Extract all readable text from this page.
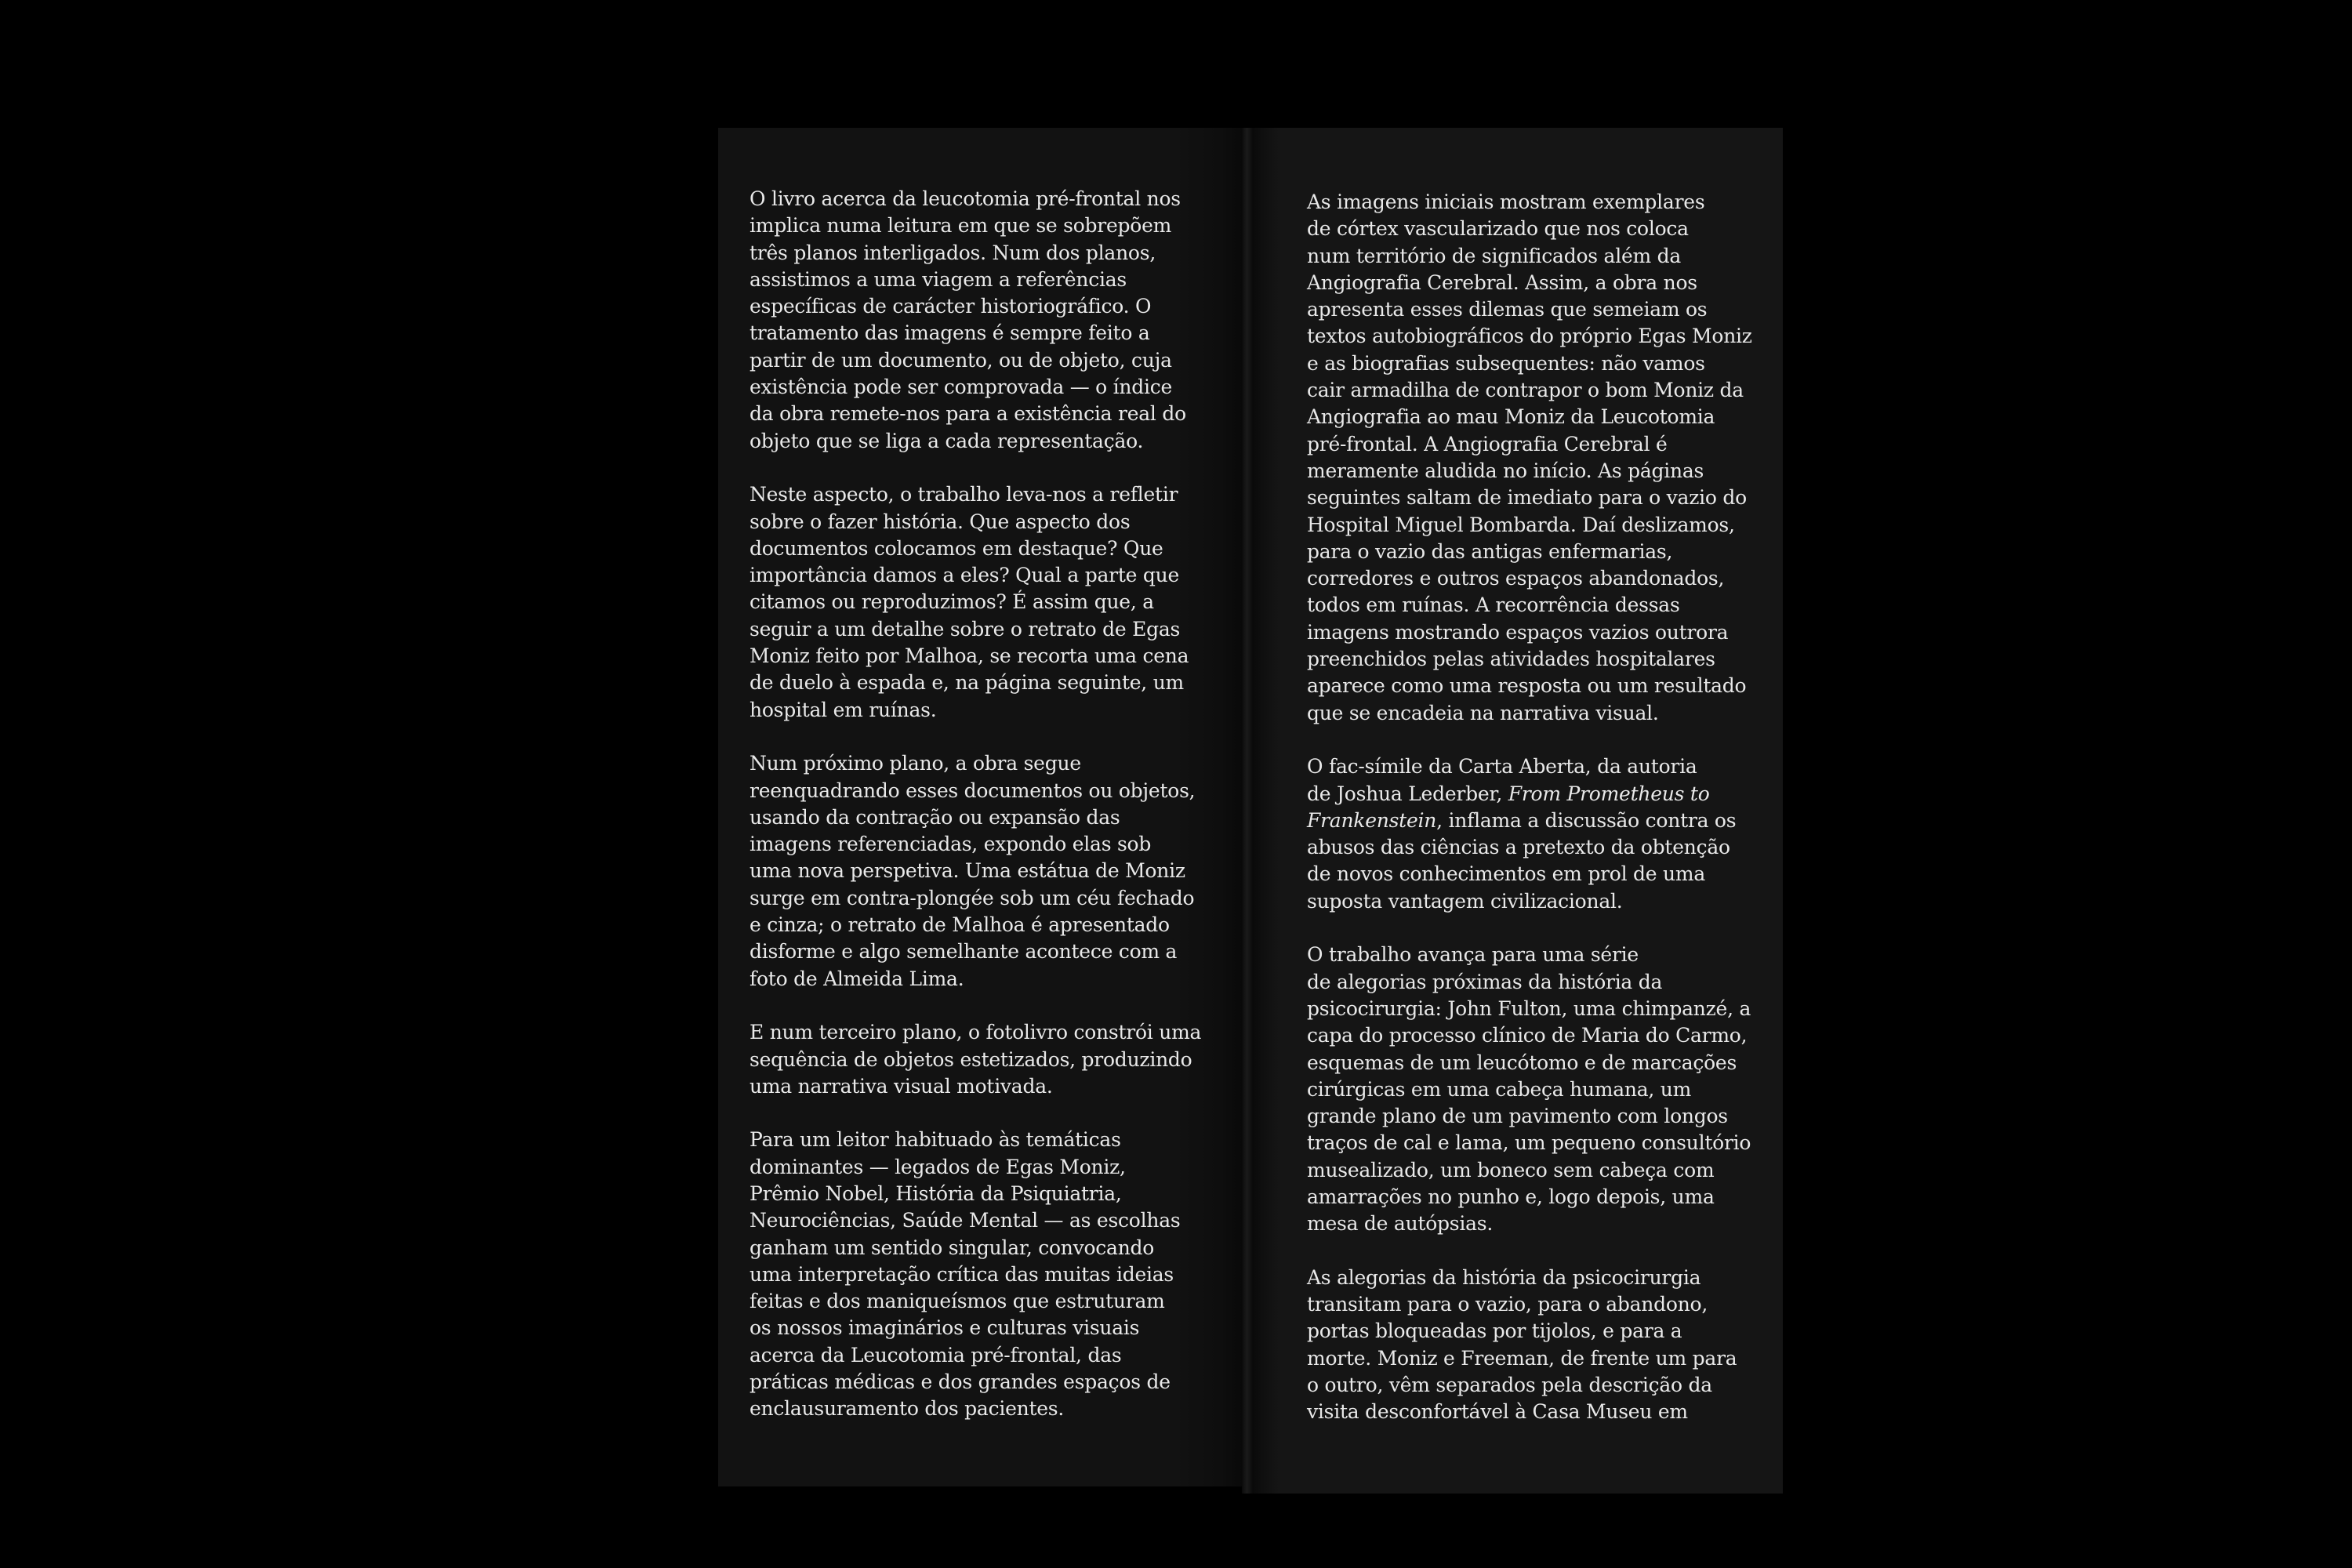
O livro acerca da leucotomia pré-frontal nos
implica numa leitura em que se sobrepõem
três planos interligados. Num dos planos,
assistimos a uma viagem a referências
específicas de carácter historiográfico. O
tratamento das imagens é sempre feito a
partir de um documento, ou de objeto, cuja
existência pode ser comprovada — o índice
da obra remete-nos para a existência real do
objeto que se liga a cada representação.

Neste aspecto, o trabalho leva-nos a refletir
sobre o fazer história. Que aspecto dos
documentos colocamos em destaque? Que
importância damos a eles? Qual a parte que
citamos ou reproduzimos? É assim que, a
seguir a um detalhe sobre o retrato de Egas
Moniz feito por Malhoa, se recorta uma cena
de duelo à espada e, na página seguinte, um
hospital em ruínas.

Num próximo plano, a obra segue
reenquadrando esses documentos ou objetos,
usando da contração ou expansão das
imagens referenciadas, expondo elas sob
uma nova perspetiva. Uma estátua de Moniz
surge em contra-plongée sob um céu fechado
e cinza; o retrato de Malhoa é apresentado
disforme e algo semelhante acontece com a
foto de Almeida Lima.

E num terceiro plano, o fotolivro constrói uma
sequência de objetos estetizados, produzindo
uma narrativa visual motivada.

Para um leitor habituado às temáticas
dominantes — legados de Egas Moniz,
Prêmio Nobel, História da Psiquiatria,
Neurociências, Saúde Mental — as escolhas
ganham um sentido singular, convocando
uma interpretação crítica das muitas ideias
feitas e dos maniqueísmos que estruturam
os nossos imaginários e culturas visuais
acerca da Leucotomia pré-frontal, das
práticas médicas e dos grandes espaços de
enclausuramento dos pacientes.

As imagens iniciais mostram exemplares
de córtex vascularizado que nos coloca
num território de significados além da
Angiografia Cerebral. Assim, a obra nos
apresenta esses dilemas que semeiam os
textos autobiográficos do próprio Egas Moniz
e as biografias subsequentes: não vamos
cair armadilha de contrapor o bom Moniz da
Angiografia ao mau Moniz da Leucotomia
pré-frontal. A Angiografia Cerebral é
meramente aludida no início. As páginas
seguintes saltam de imediato para o vazio do
Hospital Miguel Bombarda. Daí deslizamos,
para o vazio das antigas enfermarias,
corredores e outros espaços abandonados,
todos em ruínas. A recorrência dessas
imagens mostrando espaços vazios outrora
preenchidos pelas atividades hospitalares
aparece como uma resposta ou um resultado
que se encadeia na narrativa visual.

O fac-símile da Carta Aberta, da autoria
de Joshua Lederber, From Prometheus to
Frankenstein, inflama a discussão contra os
abusos das ciências a pretexto da obtenção
de novos conhecimentos em prol de uma
suposta vantagem civilizacional.

O trabalho avança para uma série
de alegorias próximas da história da
psicocirurgia: John Fulton, uma chimpanzé, a
capa do processo clínico de Maria do Carmo,
esquemas de um leucótomo e de marcações
cirúrgicas em uma cabeça humana, um
grande plano de um pavimento com longos
traços de cal e lama, um pequeno consultório
musealizado, um boneco sem cabeça com
amarrações no punho e, logo depois, uma
mesa de autópsias.

As alegorias da história da psicocirurgia
transitam para o vazio, para o abandono,
portas bloqueadas por tijolos, e para a
morte. Moniz e Freeman, de frente um para
o outro, vêm separados pela descrição da
visita desconfortável à Casa Museu em
